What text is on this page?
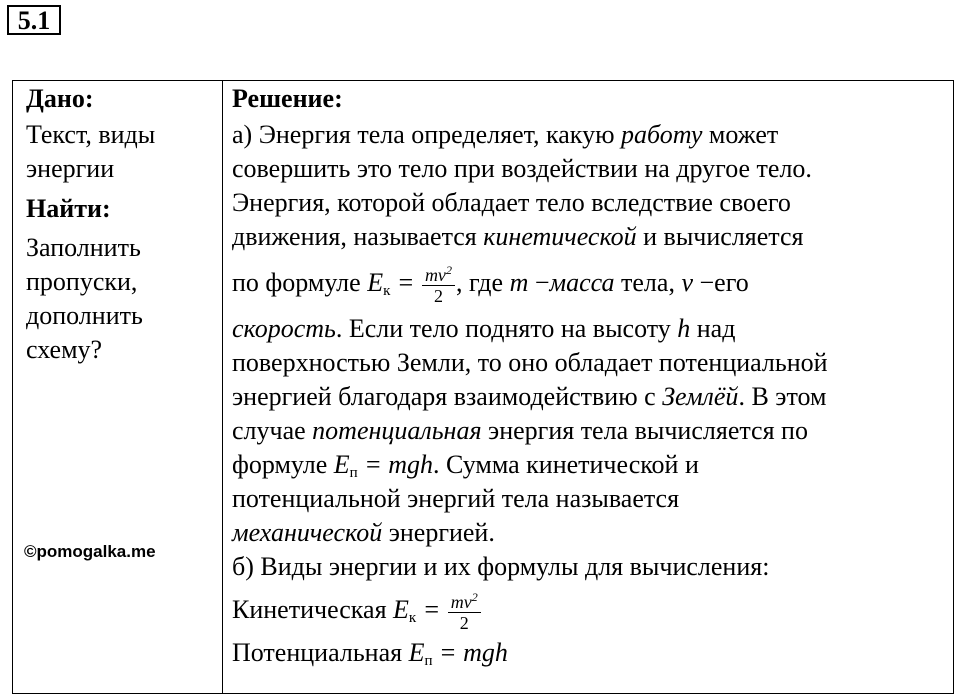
5.1
Дано:
Текст, виды
энергии
Найти:
Заполнить
пропуски,
дополнить
схему?
©pomogalka.me
Решение:
а) Энергия тела определяет, какую работу может
совершить это тело при воздействии на другое тело.
Энергия, которой обладает тело вследствие своего
движения, называется кинетической и вычисляется
по формуле Eк = $\frac{mv^2}{2}$ , где m −масса тела, v −его
скорость. Если тело поднято на высоту h над
поверхностью Земли, то оно обладает потенциальной
энергией благодаря взаимодействию с Землёй. В этом
случае потенциальная энергия тела вычисляется по
формуле Eп = mgh. Сумма кинетической и
потенциальной энергий тела называется
механической энергией.
б) Виды энергии и их формулы для вычисления:
Кинетическая Eк = $\frac{mv^2}{2}$
Потенциальная Eп = mgh
